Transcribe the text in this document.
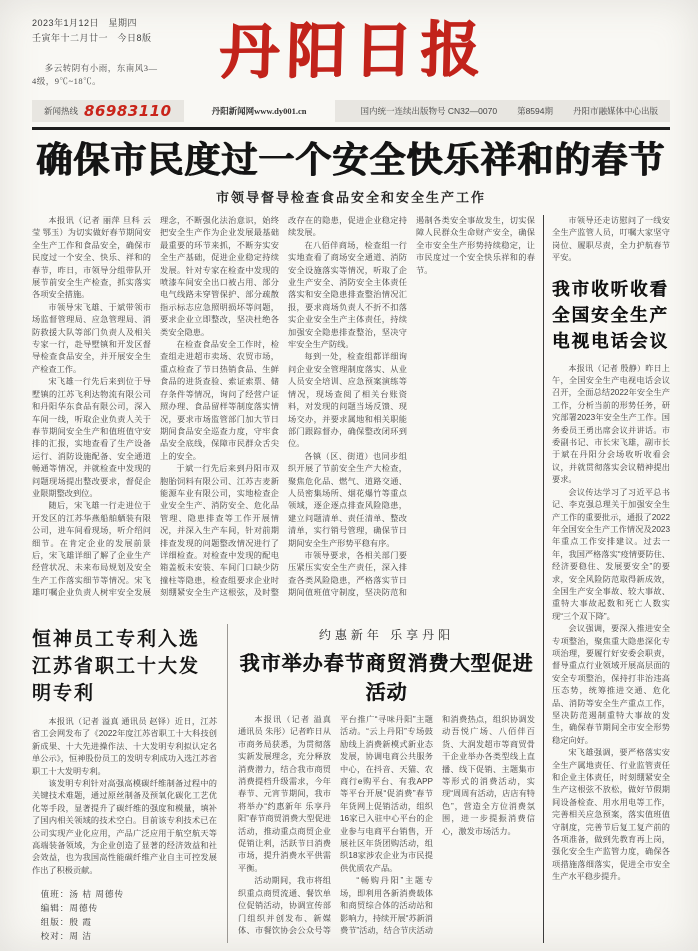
2023年1月12日　星期四
壬寅年十二月廿一　今日8版
多云转阴有小雨，东南风3—4级，9℃~18℃。	丹阳日报
新闻热线 86983110	丹阳新闻网www.dy001.cn	国内统一连续出版物号 CN32—0070 第8594期 丹阳市融媒体中心出版
确保市民度过一个安全快乐祥和的春节
市领导督导检查食品安全和安全生产工作

本报讯（记者 丽萍 旦科 云莹 鄂玉）为切实做好春节期间安全生产工作和食品安全，确保市民度过一个安全、快乐、祥和的春节，昨日，市领导分组带队开展节前安全生产检查，抓实落实各项安全措施。

市领导宋飞雄、于斌带领市场监督管理局、应急管理局、消防救援大队等部门负责人及相关专家一行，赴导墅镇和开发区督导检查食品安全，并开展安全生产检查工作。

宋飞雄一行先后来到位于导墅镇的江苏飞利达物流有限公司和丹阳华东食品有限公司，深入车间一线，听取企业负责人关于春节期间安全生产和值班值守安排的汇报，实地查看了生产设备运行、消防设施配备、安全通道畅通等情况，并就检查中发现的问题现场提出整改要求，督促企业限期整改到位。

随后，宋飞雄一行走进位于开发区的江苏华燕船舶舾装有限公司，进车间看现场，听介绍问细节。在肯定企业的发展前景后，宋飞雄详细了解了企业生产经营状况、未来布局规划及安全生产工作落实细节等情况。宋飞雄叮嘱企业负责人树牢安全发展理念，不断强化法治意识，始终把安全生产作为企业发展最基础最重要的环节来抓，不断夯实安全生产基础，促进企业稳定持续发展。针对专家在检查中发现的喷漆车间安全出口被占用、部分电气线路未穿管保护、部分疏散指示标志应急照明损坏等问题，要求企业立即整改，坚决杜绝各类安全隐患。

在检查食品安全工作时，检查组走进超市卖场、农贸市场，重点检查了节日热销食品、生鲜食品的进货查验、索证索票、储存条件等情况，询问了经营户证照办理、食品留样等制度落实情况，要求市场监管部门加大节日期间食品安全巡查力度，守牢食品安全底线，保障市民群众舌尖上的安全。

于斌一行先后来到丹阳市双胞胎饲料有限公司、江苏吉麦新能源车业有限公司，实地检查企业安全生产、消防安全、危化品管理、隐患排查等工作开展情况，并深入生产车间，针对前期排查发现的问题整改情况进行了详细检查。对检查中发现的配电箱盖板未安装、车间门口缺少防撞柱等隐患，检查组要求企业时刻绷紧安全生产这根弦，及时整改存在的隐患，促进企业稳定持续发展。

在八佰伴商场，检查组一行实地查看了商场安全通道、消防安全设施落实等情况，听取了企业生产安全、消防安全主体责任落实和安全隐患排查整治情况汇报，要求商场负责人不折不扣落实企业安全生产主体责任，持续加强安全隐患排查整治，坚决守牢安全生产防线。

每到一处，检查组都详细询问企业安全管理制度落实、从业人员安全培训、应急预案演练等情况，现场查阅了相关台账资料，对发现的问题当场反馈、现场交办，并要求属地和相关职能部门跟踪督办，确保整改闭环到位。

各镇（区、街道）也同步组织开展了节前安全生产大检查，聚焦危化品、燃气、道路交通、人员密集场所、烟花爆竹等重点领域，逐企逐点排查风险隐患，建立问题清单、责任清单、整改清单，实行销号管理，确保节日期间安全生产形势平稳有序。

市领导要求，各相关部门要压紧压实安全生产责任，深入排查各类风险隐患，严格落实节日期间值班值守制度，坚决防范和遏制各类安全事故发生，切实保障人民群众生命财产安全，确保全市安全生产形势持续稳定，让市民度过一个安全快乐祥和的春节。

恒神员工专利入选江苏省职工十大发明专利

本报讯（记者 溢真 通讯员 赵铎）近日，江苏省工会网发布了《2022年度江苏省职工十大科技创新成果、十大先进操作法、十大发明专利拟认定名单公示》，恒神股份员工的发明专利成功入选江苏省职工十大发明专利。

该发明专利针对高强高模碳纤维制备过程中的关键技术难题，通过原丝制备及预氧化碳化工艺优化等手段，显著提升了碳纤维的强度和模量，填补了国内相关领域的技术空白。目前该专利技术已在公司实现产业化应用，产品广泛应用于航空航天等高端装备领域，为企业创造了显著的经济效益和社会效益，也为我国高性能碳纤维产业自主可控发展作出了积极贡献。

值班：汤 桔 周德传

编辑：周德传

组版：殷 霞

校对：周 洁

约惠新年 乐享丹阳
我市举办春节商贸消费大型促进活动

本报讯（记者 溢真 通讯员 朱彤）记者昨日从市商务局获悉，为贯彻落实新发展理念，充分释放消费潜力，结合我市商贸消费提档升级需求，今年春节、元宵节期间，我市将举办“约惠新年 乐享丹阳”春节商贸消费大型促进活动，推动重点商贸企业促销让利，活跃节日消费市场，提升消费水平供需平衡。

活动期间，我市将组织重点商贸流通、餐饮单位促销活动，协调宣传部门组织并创发布、新媒体、市餐饮协会公众号等平台推广“寻味丹阳”主题活动。“云上丹阳”专场鼓励线上消费新模式新业态发展，协调电商公共服务中心，在抖音、天猫、农商行e购平台、有我APP等平台开展“促消费”春节年货网上促销活动，组织16家已入驻中心平台的企业参与电商平台销售，开展社区年货团购活动，组织18家涉农企业为市民提供优质农产品。

“畅购丹阳”主题专场，即利用各新消费载体和商贸综合体的活动站和影响力，持续开展“苏新消费节”活动，结合节庆活动和消费热点，组织协调发动吾悦广场、八佰伴百货、大润发超市等商贸骨干企业举办各类型线上直播、线下促销、主题集市等形式的消费活动，实现“周周有活动，店店有特色”，营造全方位消费氛围，进一步提振消费信心，激发市场活力。

市领导还走访慰问了一线安全生产监管人员，叮嘱大家坚守岗位、履职尽责，全力护航春节平安。

我市收听收看
全国安全生产
电视电话会议

本报讯（记者 殷静）昨日上午，全国安全生产电视电话会议召开，全面总结2022年安全生产工作，分析当前的形势任务，研究部署2023年安全生产工作。国务委员王勇出席会议并讲话。市委副书记、市长宋飞雄，副市长于斌在丹阳分会场收听收看会议，并就贯彻落实会议精神提出要求。

会议传达学习了习近平总书记、李克强总理关于加强安全生产工作的重要批示，通报了2022年全国安全生产工作情况及2023年重点工作安排建议。过去一年，我国严格落实“疫情要防住、经济要稳住、发展要安全”的要求，安全风险防范取得新成效，全国生产安全事故、较大事故、重特大事故起数和死亡人数实现“三个双下降”。

会议强调，要深入推进安全专项整治，聚焦重大隐患深化专项治理，要履行好安委会职责，督导重点行业领域开展高层面的安全专项整治，保持打非治违高压态势，统筹推进交通、危化品、消防等安全生产重点工作，坚决防范遏制重特大事故的发生，确保春节期间全市安全形势稳定向好。

宋飞雄强调，要严格落实安全生产属地责任、行业监管责任和企业主体责任，时刻绷紧安全生产这根弦不放松，做好节假期间设备检查、用水用电等工作，完善相关应急预案，落实值班值守制度，完善节后复工复产前的各项准备，做到先教育再上岗，强化安全生产监管力度，确保各项措施落细落实，促进全市安全生产水平稳步提升。
